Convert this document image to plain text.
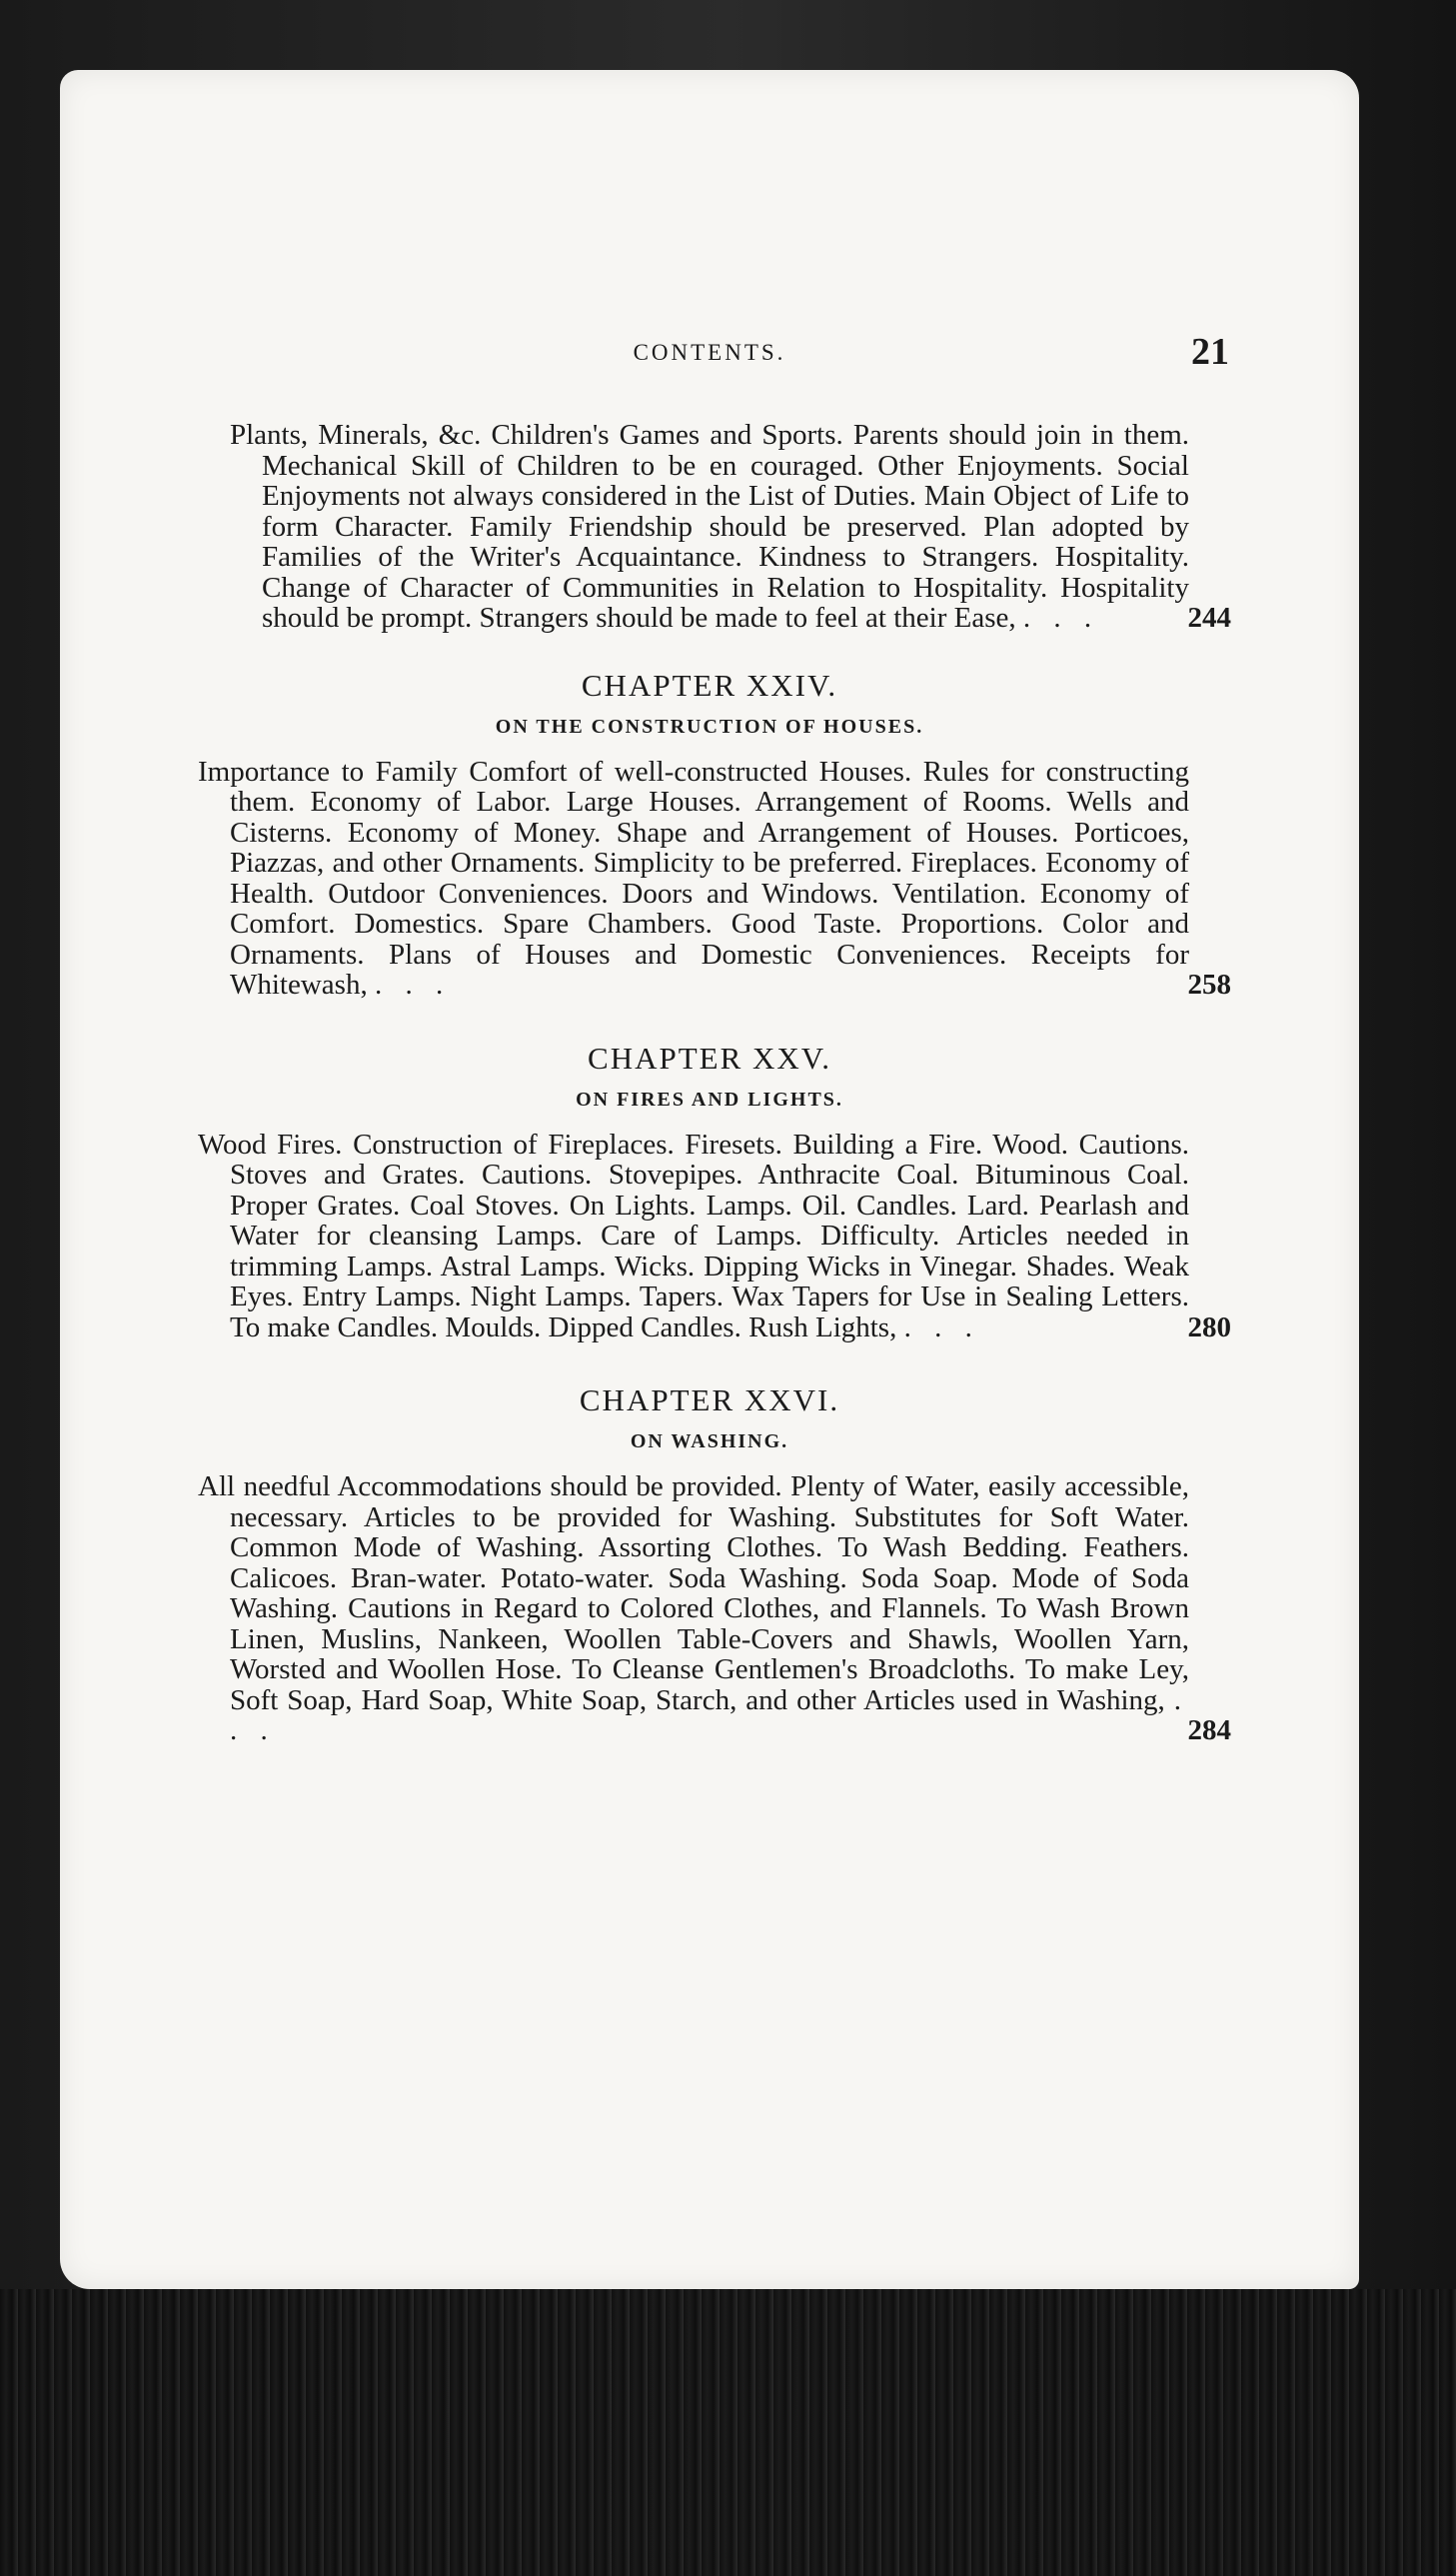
CONTENTS.	21

Plants, Minerals, &c. Children's Games and Sports. Parents should join in them. Mechanical Skill of Children to be en couraged. Other Enjoyments. Social Enjoyments not always considered in the List of Duties. Main Object of Life to form Character. Family Friendship should be preserved. Plan adopted by Families of the Writer's Acquaintance. Kindness to Strangers. Hospitality. Change of Character of Communities in Relation to Hospitality. Hospitality should be prompt. Strangers should be made to feel at their Ease, . . .	244

CHAPTER XXIV.

ON THE CONSTRUCTION OF HOUSES.

Importance to Family Comfort of well-constructed Houses. Rules for constructing them. Economy of Labor. Large Houses. Arrangement of Rooms. Wells and Cisterns. Economy of Money. Shape and Arrangement of Houses. Porticoes, Piazzas, and other Ornaments. Simplicity to be preferred. Fireplaces. Economy of Health. Outdoor Conveniences. Doors and Windows. Ventilation. Economy of Comfort. Domestics. Spare Chambers. Good Taste. Proportions. Color and Ornaments. Plans of Houses and Domestic Conveniences. Receipts for Whitewash, . . .	258

CHAPTER XXV.

ON FIRES AND LIGHTS.

Wood Fires. Construction of Fireplaces. Firesets. Building a Fire. Wood. Cautions. Stoves and Grates. Cautions. Stovepipes. Anthracite Coal. Bituminous Coal. Proper Grates. Coal Stoves. On Lights. Lamps. Oil. Candles. Lard. Pearlash and Water for cleansing Lamps. Care of Lamps. Difficulty. Articles needed in trimming Lamps. Astral Lamps. Wicks. Dipping Wicks in Vinegar. Shades. Weak Eyes. Entry Lamps. Night Lamps. Tapers. Wax Tapers for Use in Sealing Letters. To make Candles. Moulds. Dipped Candles. Rush Lights, . . .	280

CHAPTER XXVI.

ON WASHING.

All needful Accommodations should be provided. Plenty of Water, easily accessible, necessary. Articles to be provided for Washing. Substitutes for Soft Water. Common Mode of Washing. Assorting Clothes. To Wash Bedding. Feathers. Calicoes. Bran-water. Potato-water. Soda Washing. Soda Soap. Mode of Soda Washing. Cautions in Regard to Colored Clothes, and Flannels. To Wash Brown Linen, Muslins, Nankeen, Woollen Table-Covers and Shawls, Woollen Yarn, Worsted and Woollen Hose. To Cleanse Gentlemen's Broadcloths. To make Ley, Soft Soap, Hard Soap, White Soap, Starch, and other Articles used in Washing, . . .	284
